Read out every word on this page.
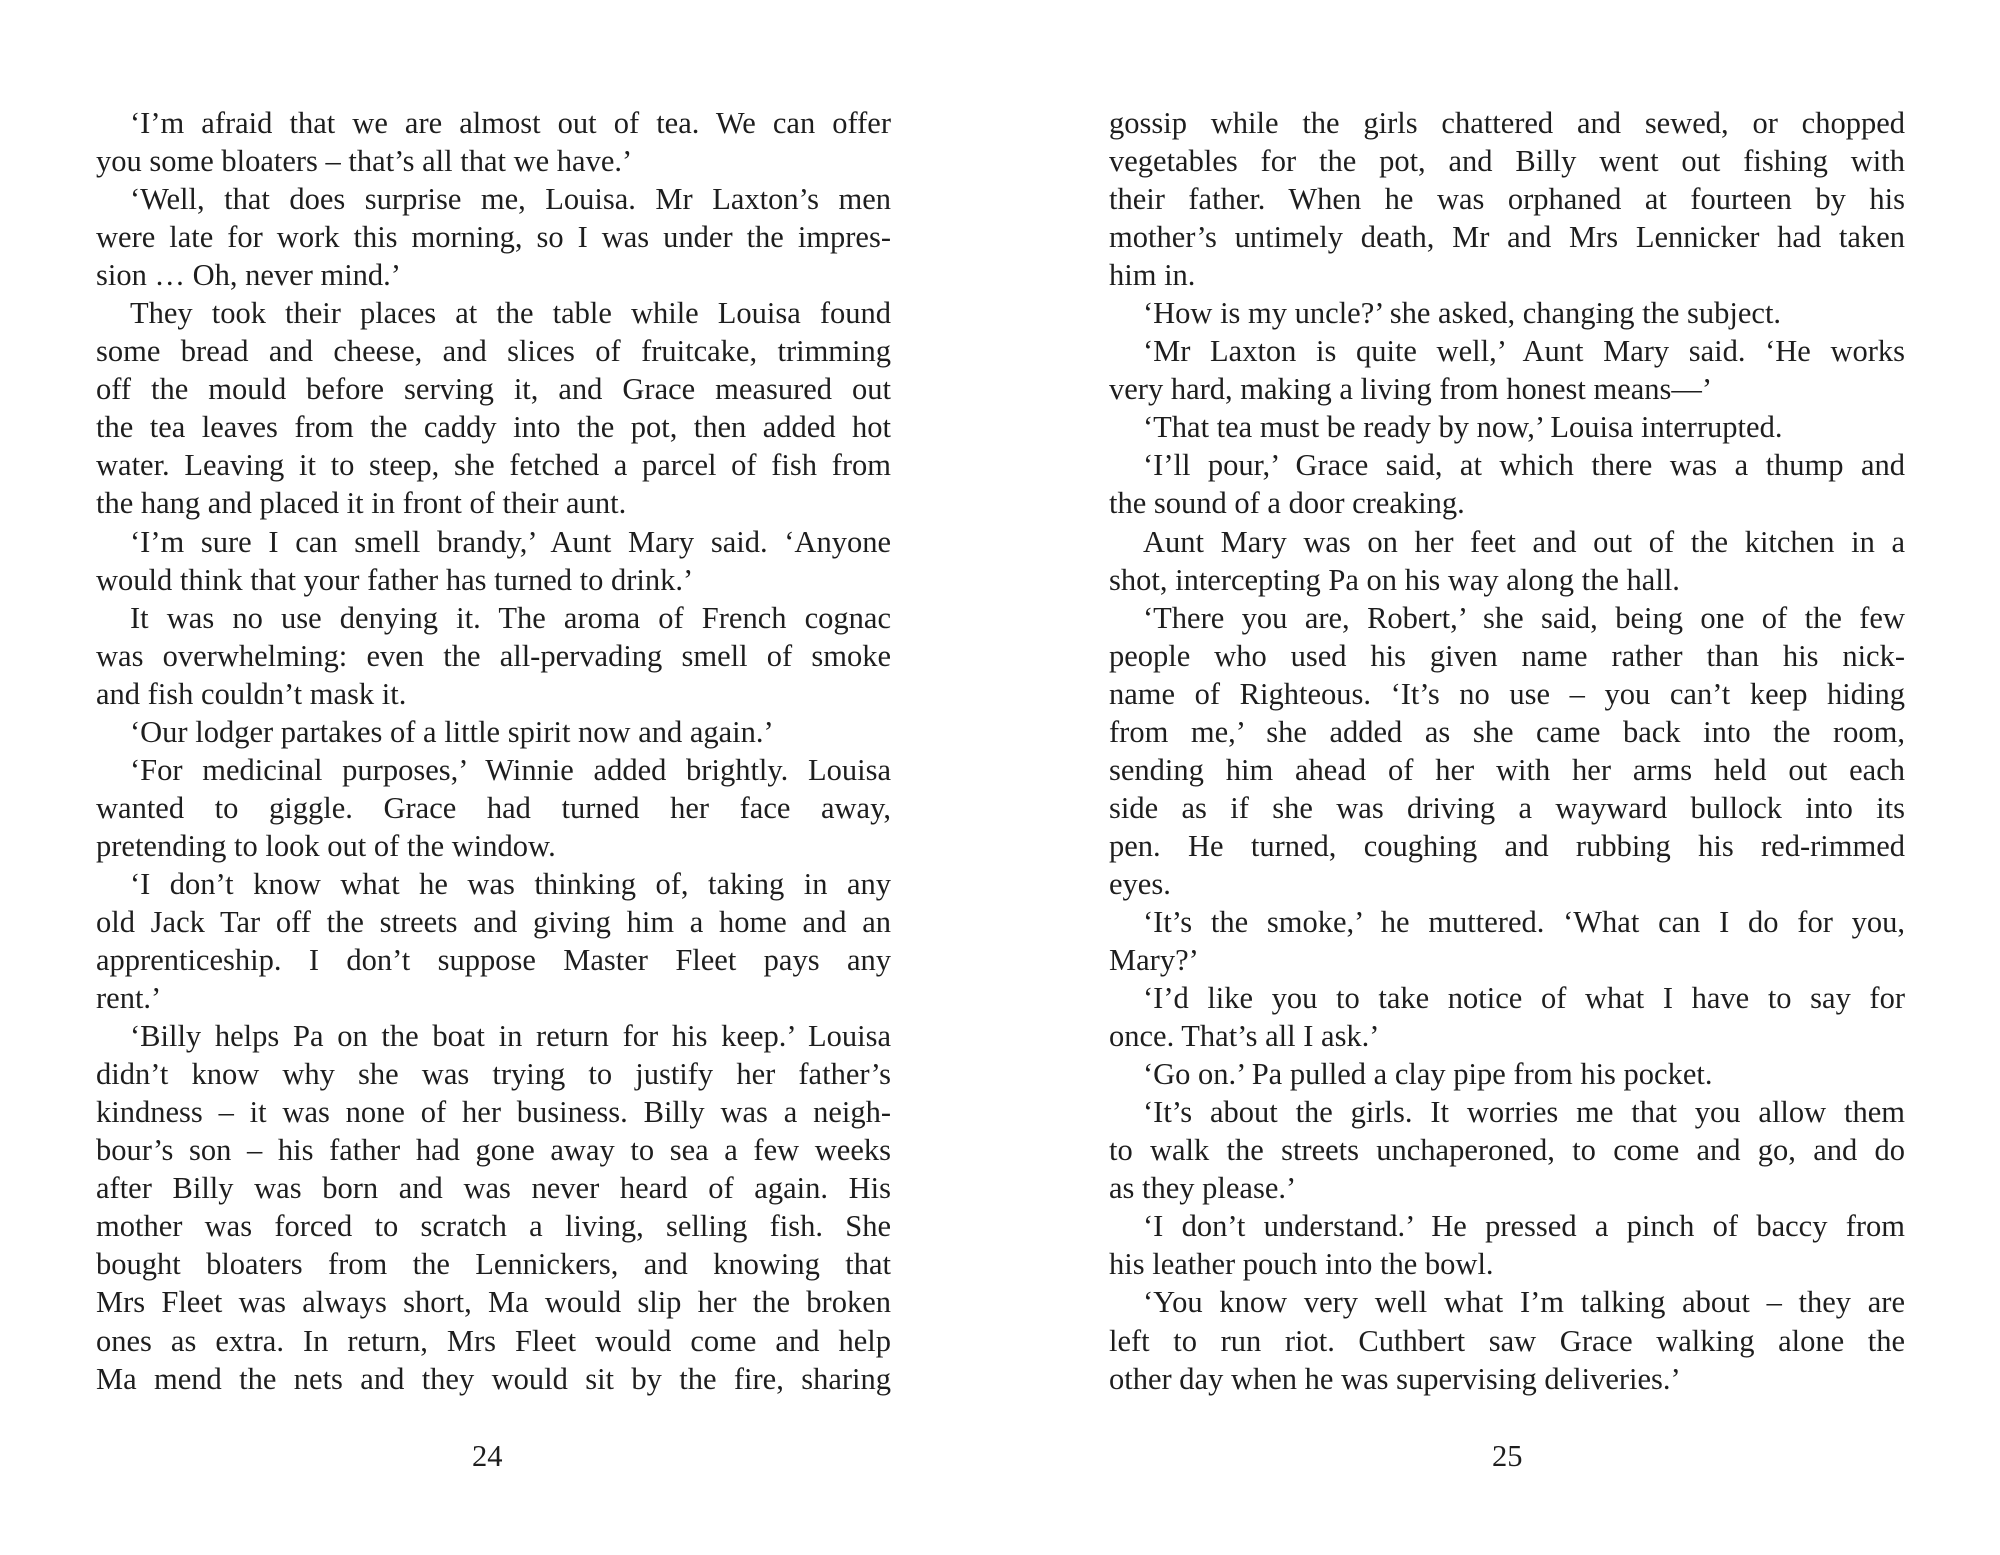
‘I’m afraid that we are almost out of tea. We can offer
you some bloaters – that’s all that we have.’
‘Well, that does surprise me, Louisa. Mr Laxton’s men
were late for work this morning, so I was under the impres-
sion … Oh, never mind.’
They took their places at the table while Louisa found
some bread and cheese, and slices of fruitcake, trimming
off the mould before serving it, and Grace measured out
the tea leaves from the caddy into the pot, then added hot
water. Leaving it to steep, she fetched a parcel of fish from
the hang and placed it in front of their aunt.
‘I’m sure I can smell brandy,’ Aunt Mary said. ‘Anyone
would think that your father has turned to drink.’
It was no use denying it. The aroma of French cognac
was overwhelming: even the all-pervading smell of smoke
and fish couldn’t mask it.
‘Our lodger partakes of a little spirit now and again.’
‘For medicinal purposes,’ Winnie added brightly. Louisa
wanted to giggle. Grace had turned her face away,
pretending to look out of the window.
‘I don’t know what he was thinking of, taking in any
old Jack Tar off the streets and giving him a home and an
apprenticeship. I don’t suppose Master Fleet pays any
rent.’
‘Billy helps Pa on the boat in return for his keep.’ Louisa
didn’t know why she was trying to justify her father’s
kindness – it was none of her business. Billy was a neigh-
bour’s son – his father had gone away to sea a few weeks
after Billy was born and was never heard of again. His
mother was forced to scratch a living, selling fish. She
bought bloaters from the Lennickers, and knowing that
Mrs Fleet was always short, Ma would slip her the broken
ones as extra. In return, Mrs Fleet would come and help
Ma mend the nets and they would sit by the fire, sharing
24
gossip while the girls chattered and sewed, or chopped
vegetables for the pot, and Billy went out fishing with
their father. When he was orphaned at fourteen by his
mother’s untimely death, Mr and Mrs Lennicker had taken
him in.
‘How is my uncle?’ she asked, changing the subject.
‘Mr Laxton is quite well,’ Aunt Mary said. ‘He works
very hard, making a living from honest means—’
‘That tea must be ready by now,’ Louisa interrupted.
‘I’ll pour,’ Grace said, at which there was a thump and
the sound of a door creaking.
Aunt Mary was on her feet and out of the kitchen in a
shot, intercepting Pa on his way along the hall.
‘There you are, Robert,’ she said, being one of the few
people who used his given name rather than his nick-
name of Righteous. ‘It’s no use – you can’t keep hiding
from me,’ she added as she came back into the room,
sending him ahead of her with her arms held out each
side as if she was driving a wayward bullock into its
pen. He turned, coughing and rubbing his red-rimmed
eyes.
‘It’s the smoke,’ he muttered. ‘What can I do for you,
Mary?’
‘I’d like you to take notice of what I have to say for
once. That’s all I ask.’
‘Go on.’ Pa pulled a clay pipe from his pocket.
‘It’s about the girls. It worries me that you allow them
to walk the streets unchaperoned, to come and go, and do
as they please.’
‘I don’t understand.’ He pressed a pinch of baccy from
his leather pouch into the bowl.
‘You know very well what I’m talking about – they are
left to run riot. Cuthbert saw Grace walking alone the
other day when he was supervising deliveries.’
25
